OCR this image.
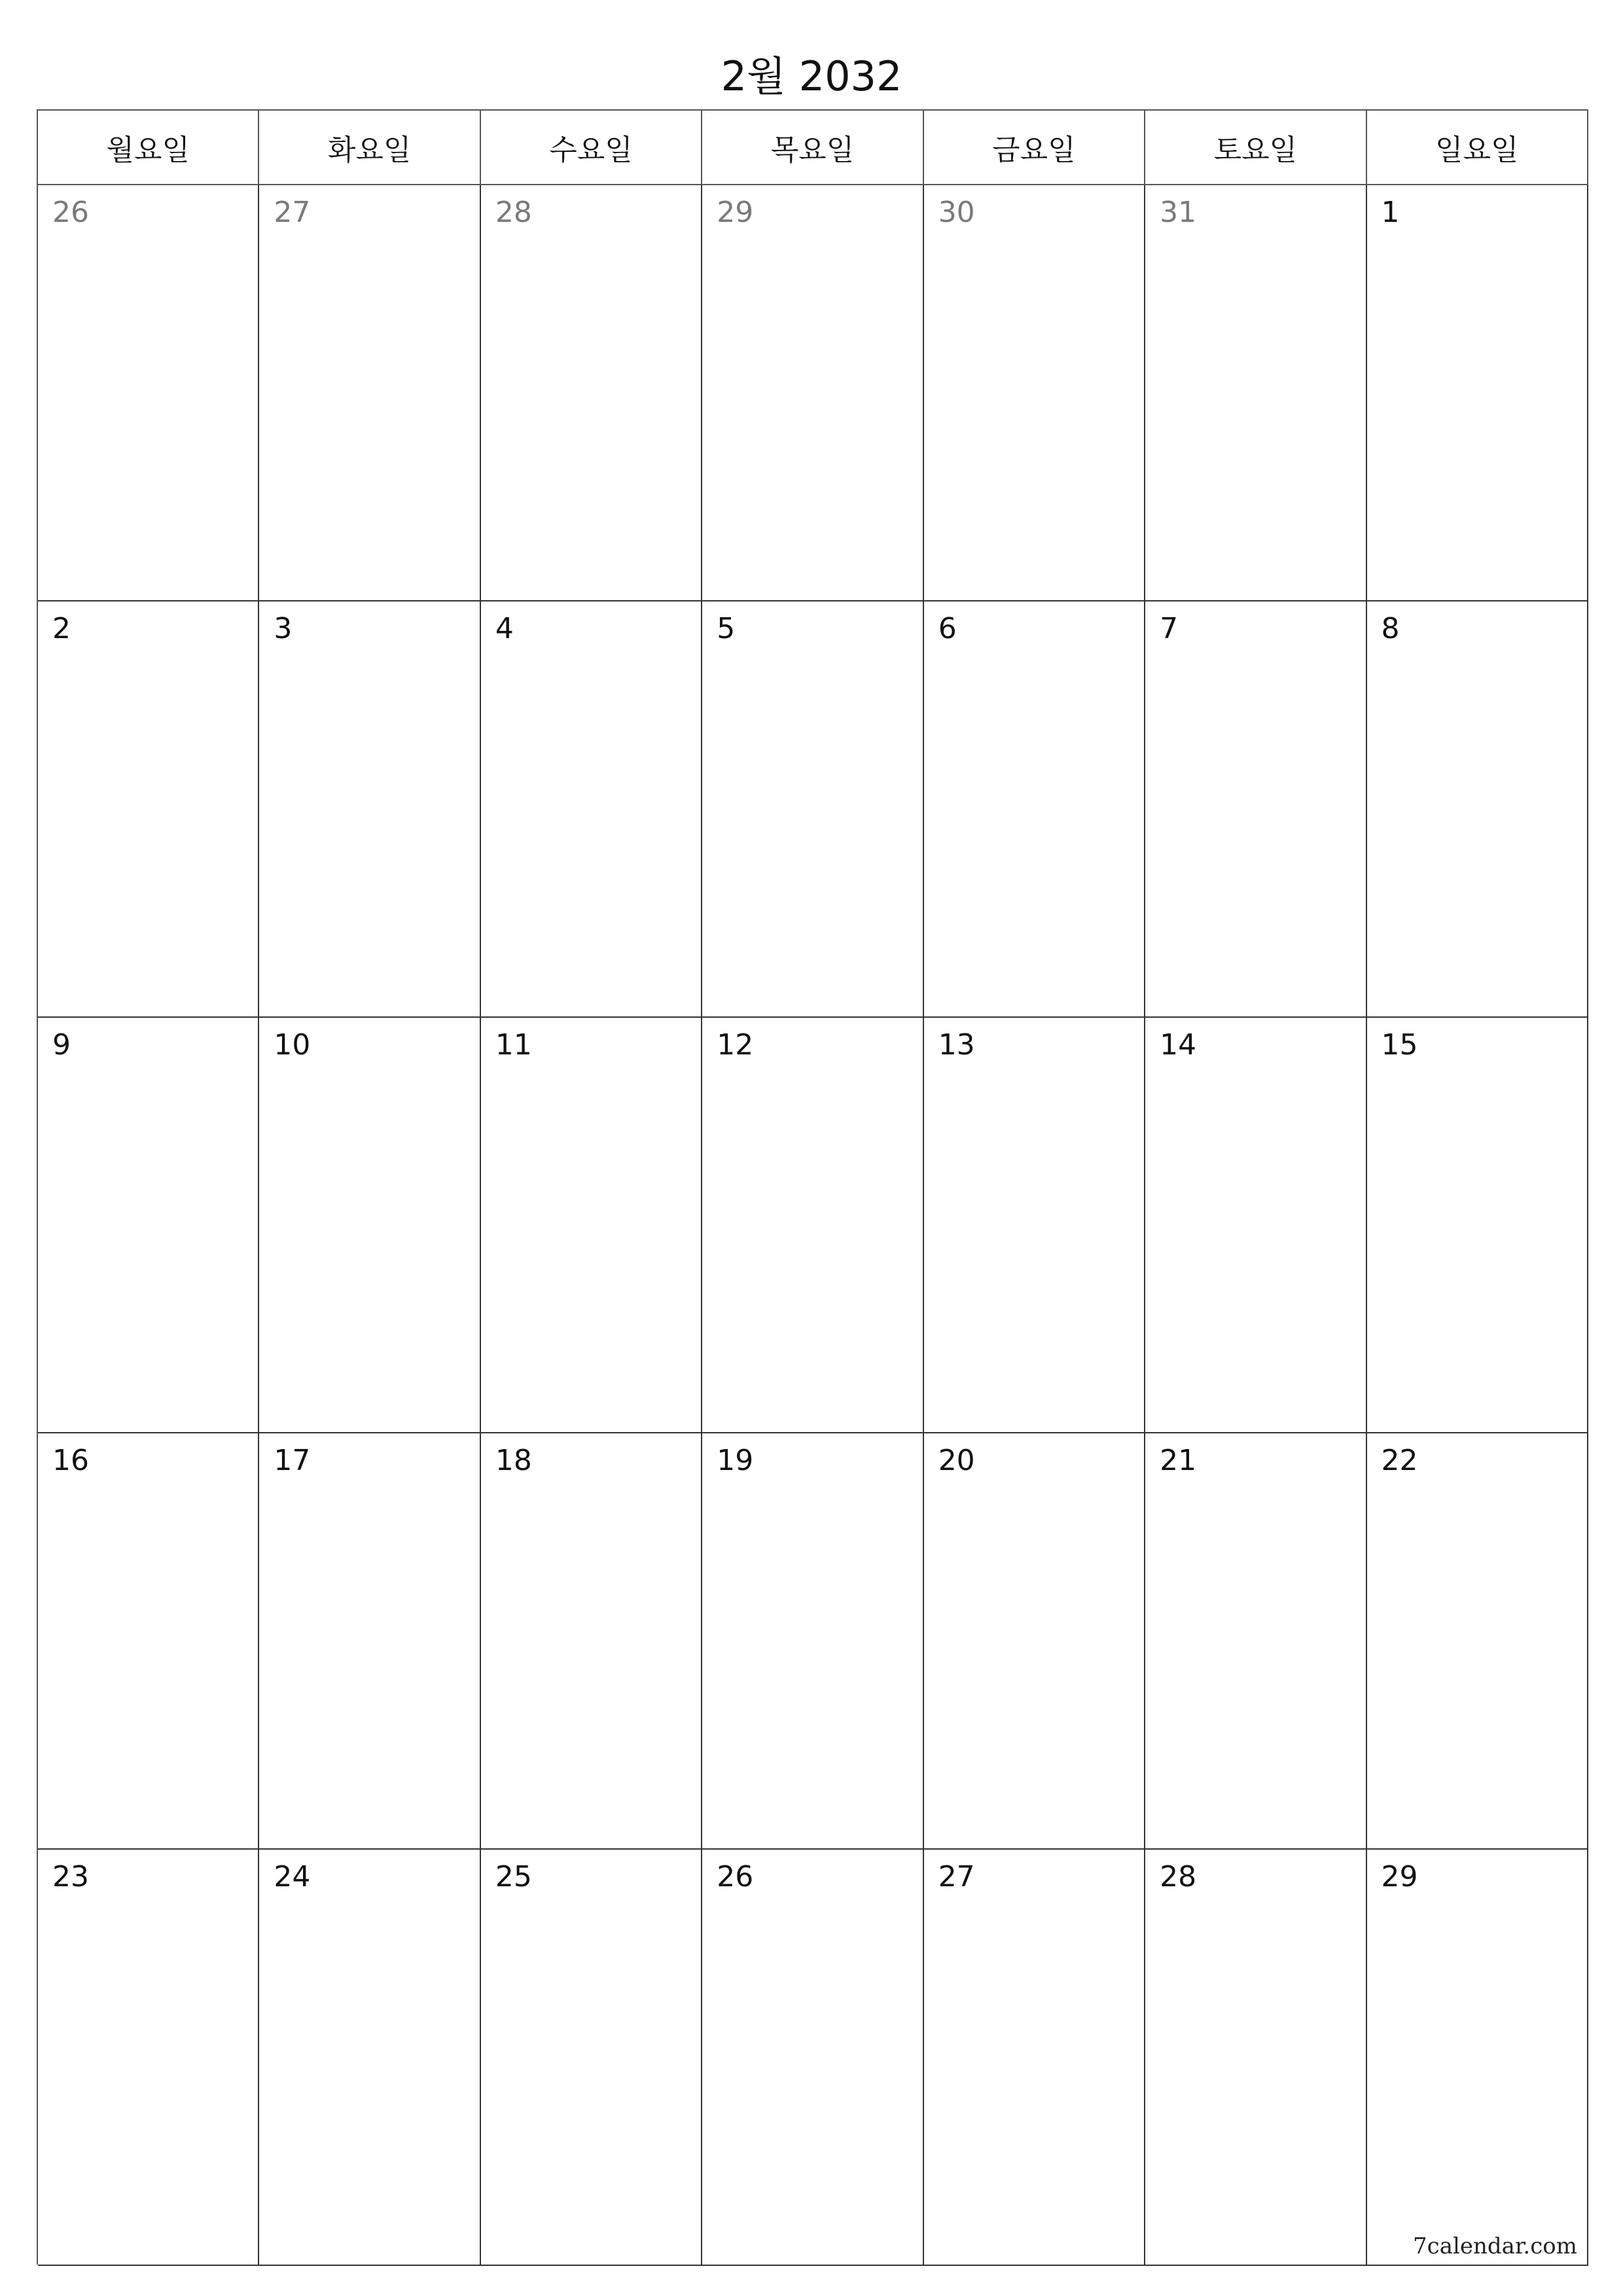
2월 2032
월요일	화요일	수요일	목요일	금요일	토요일	일요일
26	27	28	29	30	31	1
2	3	4	5	6	7	8
9	10	11	12	13	14	15
16	17	18	19	20	21	22
23	24	25	26	27	28	29
7calendar.com
